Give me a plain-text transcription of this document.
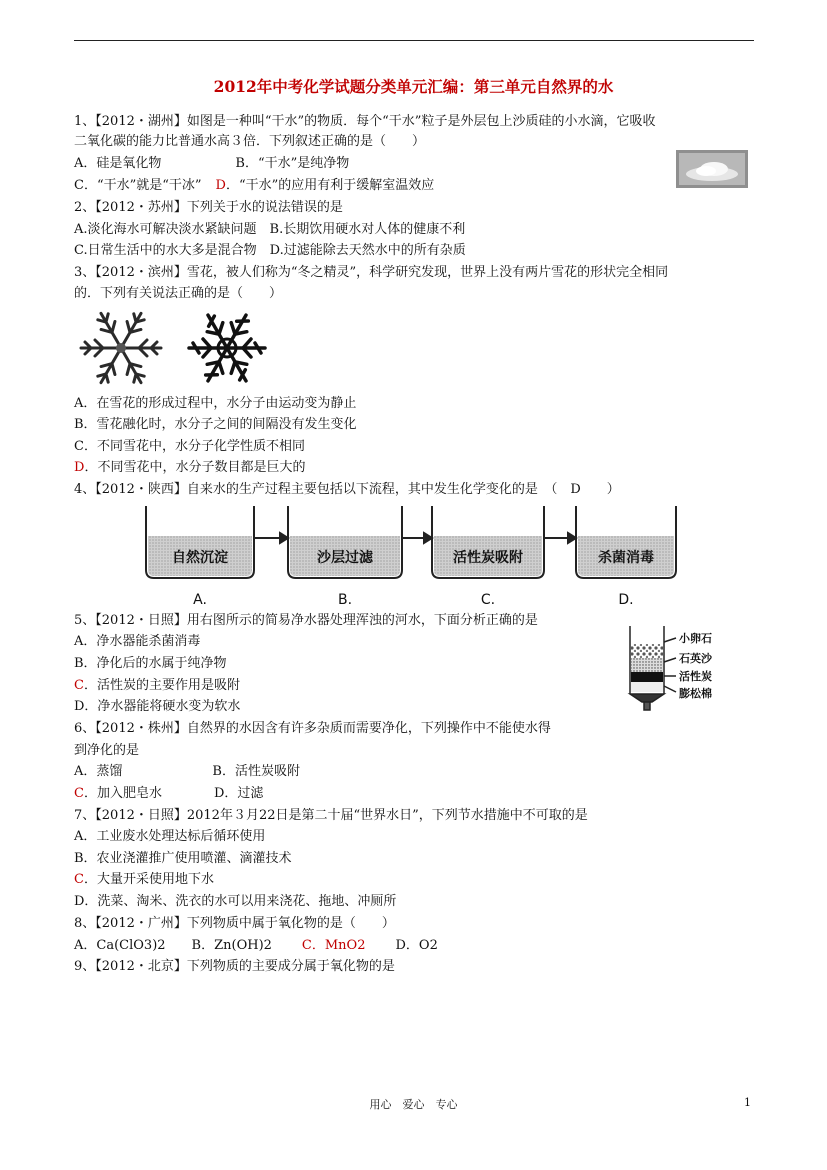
2012年中考化学试题分类单元汇编：第三单元自然界的水
1、【2012・湖州】如图是一种叫“干水”的物质．每个“干水”粒子是外层包上沙质硅的小水滴，它吸收
二氧化碳的能力比普通水高３倍．下列叙述正确的是（　　）
A．硅是氧化物	B．“干水”是纯净物
C．“干水”就是“干冰” D．“干水”的应用有利于缓解室温效应
2、【2012・苏州】下列关于水的说法错误的是
A.淡化海水可解决淡水紧缺问题　B.长期饮用硬水对人体的健康不利
C.日常生活中的水大多是混合物　D.过滤能除去天然水中的所有杂质
3、【2012・滨州】雪花，被人们称为“冬之精灵”，科学研究发现，世界上没有两片雪花的形状完全相同
的．下列有关说法正确的是（　　）
A．在雪花的形成过程中，水分子由运动变为静止
B．雪花融化时，水分子之间的间隔没有发生变化
C．不同雪花中，水分子化学性质不相同
D．不同雪花中，水分子数目都是巨大的
4、【2012・陕西】自来水的生产过程主要包括以下流程，其中发生化学变化的是　（　D　　）
自然沉淀	沙层过滤	活性炭吸附	杀菌消毒
A.	B.	C.	D.
5、【2012・日照】用右图所示的简易净水器处理浑浊的河水，下面分析正确的是
A．净水器能杀菌消毒
B．净化后的水属于纯净物
C．活性炭的主要作用是吸附
D．净水器能将硬水变为软水
小卵石
石英沙
活性炭
膨松棉
6、【2012・株州】自然界的水因含有许多杂质而需要净化，下列操作中不能使水得
到净化的是
A．蒸馏	B．活性炭吸附
C．加入肥皂水	D．过滤
7、【2012・日照】2012年３月22日是第二十届“世界水日”，下列节水措施中不可取的是
A．工业废水处理达标后循环使用
B．农业浇灌推广使用喷灌、滴灌技术
C．大量开采使用地下水
D．洗菜、淘米、洗衣的水可以用来浇花、拖地、冲厕所
8、【2012・广州】下列物质中属于氧化物的是（　　）
A．Ca(ClO3)2 B．Zn(OH)2 C．MnO2 D．O2
9、【2012・北京】下列物质的主要成分属于氧化物的是
用心　爱心　专心	1
